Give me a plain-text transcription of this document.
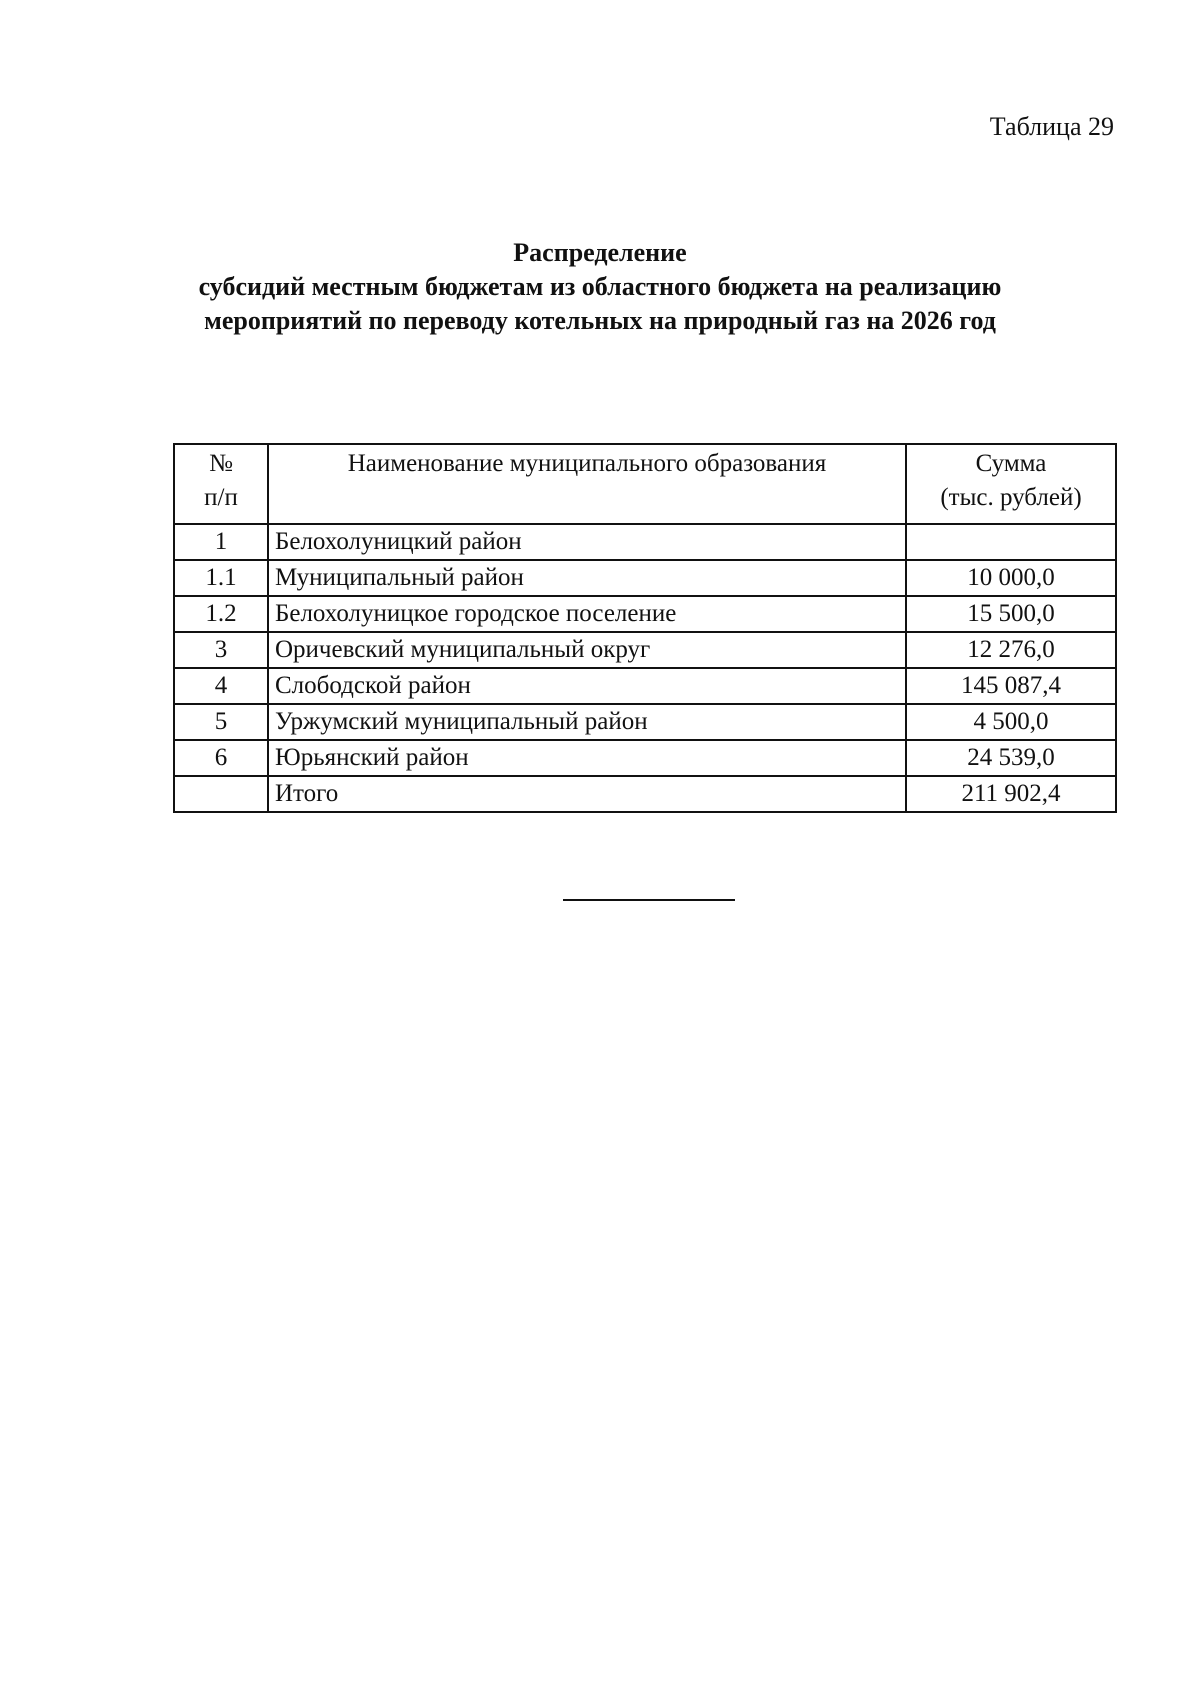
Таблица 29
Распределение
субсидий местным бюджетам из областного бюджета на реализацию
мероприятий по переводу котельных на природный газ на 2026 год
№
п/п	Наименование муниципального образования	Сумма
(тыс. рублей)

1	Белохолуницкий район	
1.1	Муниципальный район	10 000,0
1.2	Белохолуницкое городское поселение	15 500,0
3	Оричевский муниципальный округ	12 276,0
4	Слободской район	145 087,4
5	Уржумский муниципальный район	4 500,0
6	Юрьянский район	24 539,0
	Итого	211 902,4
